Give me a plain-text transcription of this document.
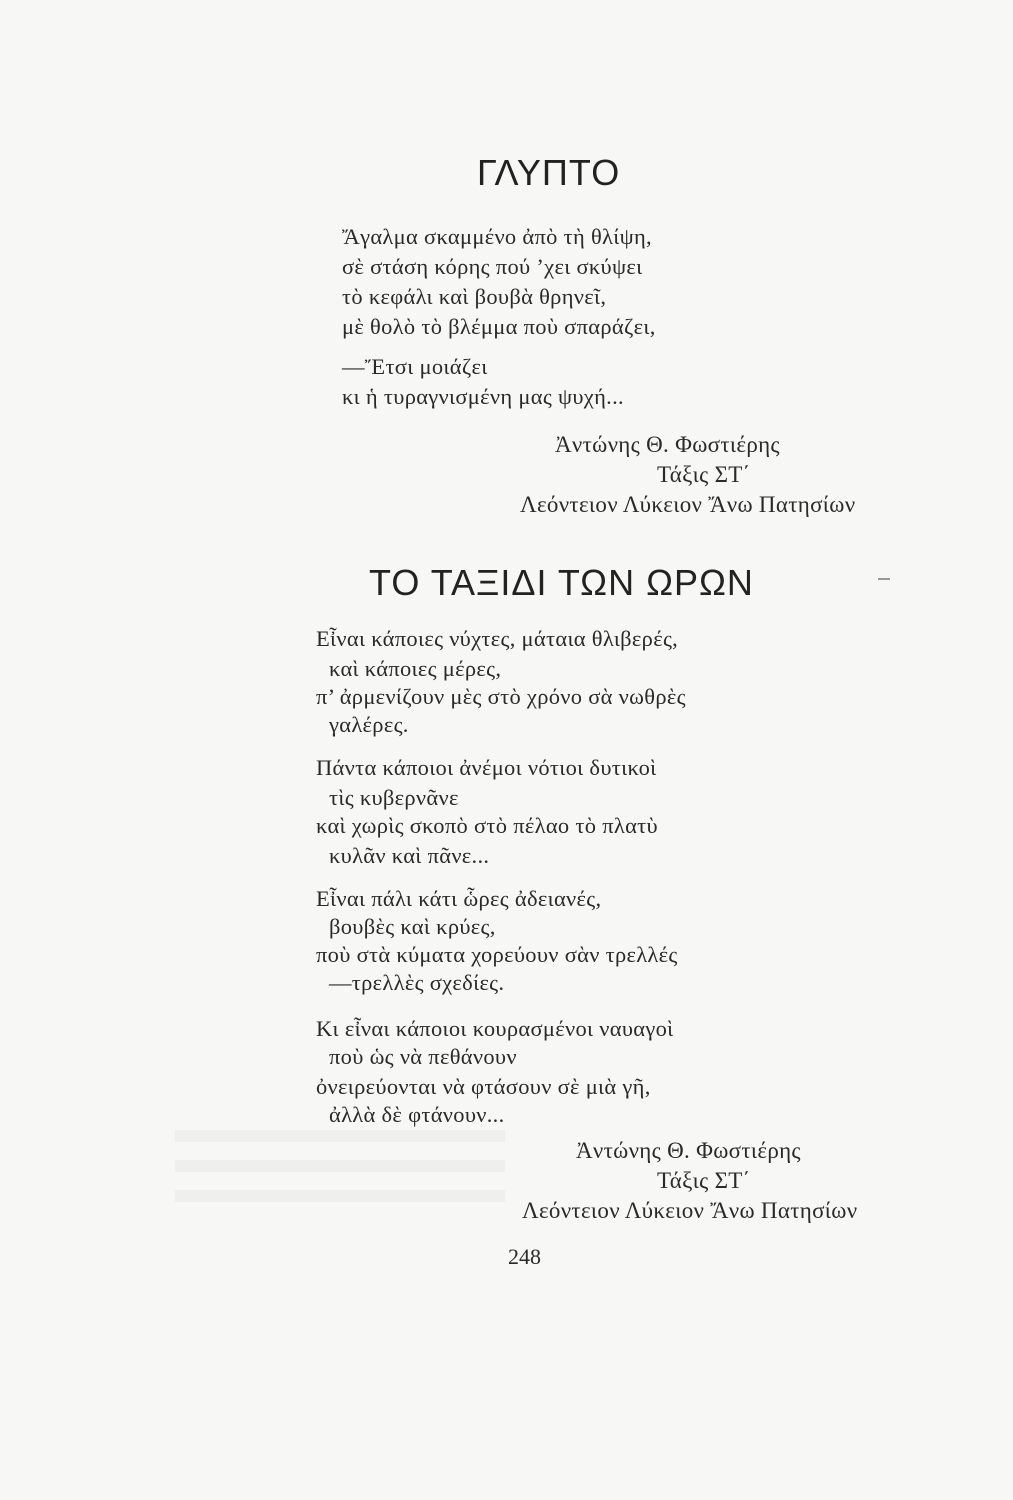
ΓΛΥΠΤΟ
Ἄγαλμα σκαμμένο ἀπὸ τὴ θλίψη,
σὲ στάση κόρης πού ’χει σκύψει
τὸ κεφάλι καὶ βουβὰ θρηνεῖ,
μὲ θολὸ τὸ βλέμμα ποὺ σπαράζει,
—Ἔτσι μοιάζει
κι ἡ τυραγνισμένη μας ψυχή...
Ἀντώνης Θ. Φωστιέρης
Τάξις ΣΤ΄
Λεόντειον Λύκειον Ἄνω Πατησίων
ΤΟ ΤΑΞΙΔΙ ΤΩΝ ΩΡΩΝ
Εἶναι κάποιες νύχτες, μάταια θλιβερές,
καὶ κάποιες μέρες,
π’ ἀρμενίζουν μὲς στὸ χρόνο σὰ νωθρὲς
γαλέρες.
Πάντα κάποιοι ἀνέμοι νότιοι δυτικοὶ
τὶς κυβερνᾶνε
καὶ χωρὶς σκοπὸ στὸ πέλαο τὸ πλατὺ
κυλᾶν καὶ πᾶνε...
Εἶναι πάλι κάτι ὧρες ἀδειανές,
βουβὲς καὶ κρύες,
ποὺ στὰ κύματα χορεύουν σὰν τρελλές
—τρελλὲς σχεδίες.
Κι εἶναι κάποιοι κουρασμένοι ναυαγοὶ
ποὺ ὡς νὰ πεθάνουν
ὀνειρεύονται νὰ φτάσουν σὲ μιὰ γῆ,
ἀλλὰ δὲ φτάνουν...
Ἀντώνης Θ. Φωστιέρης
Τάξις ΣΤ΄
Λεόντειον Λύκειον Ἄνω Πατησίων
248
